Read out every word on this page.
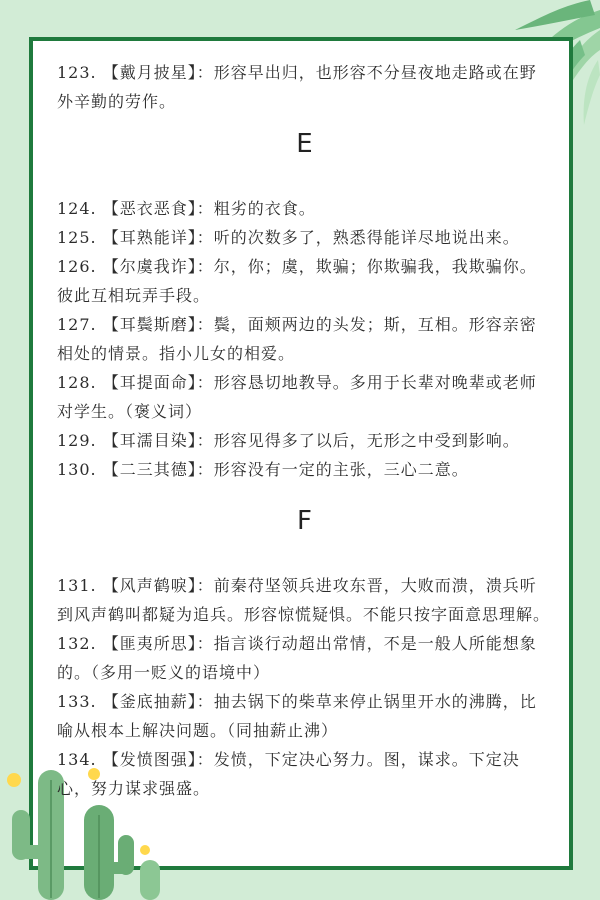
123. 【戴月披星】：形容早出归，也形容不分昼夜地走路或在野外辛勤的劳作。

E

124. 【恶衣恶食】：粗劣的衣食。

125. 【耳熟能详】：听的次数多了，熟悉得能详尽地说出来。

126. 【尔虞我诈】：尔，你；虞，欺骗；你欺骗我，我欺骗你。彼此互相玩弄手段。

127. 【耳鬓斯磨】：鬓，面颊两边的头发；斯，互相。形容亲密相处的情景。指小儿女的相爱。

128. 【耳提面命】：形容恳切地教导。多用于长辈对晚辈或老师对学生。（褒义词）

129. 【耳濡目染】：形容见得多了以后，无形之中受到影响。

130. 【二三其德】：形容没有一定的主张，三心二意。

F

131. 【风声鹤唳】：前秦苻坚领兵进攻东晋，大败而溃，溃兵听到风声鹤叫都疑为追兵。形容惊慌疑惧。不能只按字面意思理解。

132. 【匪夷所思】：指言谈行动超出常情，不是一般人所能想象的。（多用一贬义的语境中）

133. 【釜底抽薪】：抽去锅下的柴草来停止锅里开水的沸腾，比喻从根本上解决问题。（同抽薪止沸）

134. 【发愤图强】：发愤，下定决心努力。图，谋求。下定决心，努力谋求强盛。
